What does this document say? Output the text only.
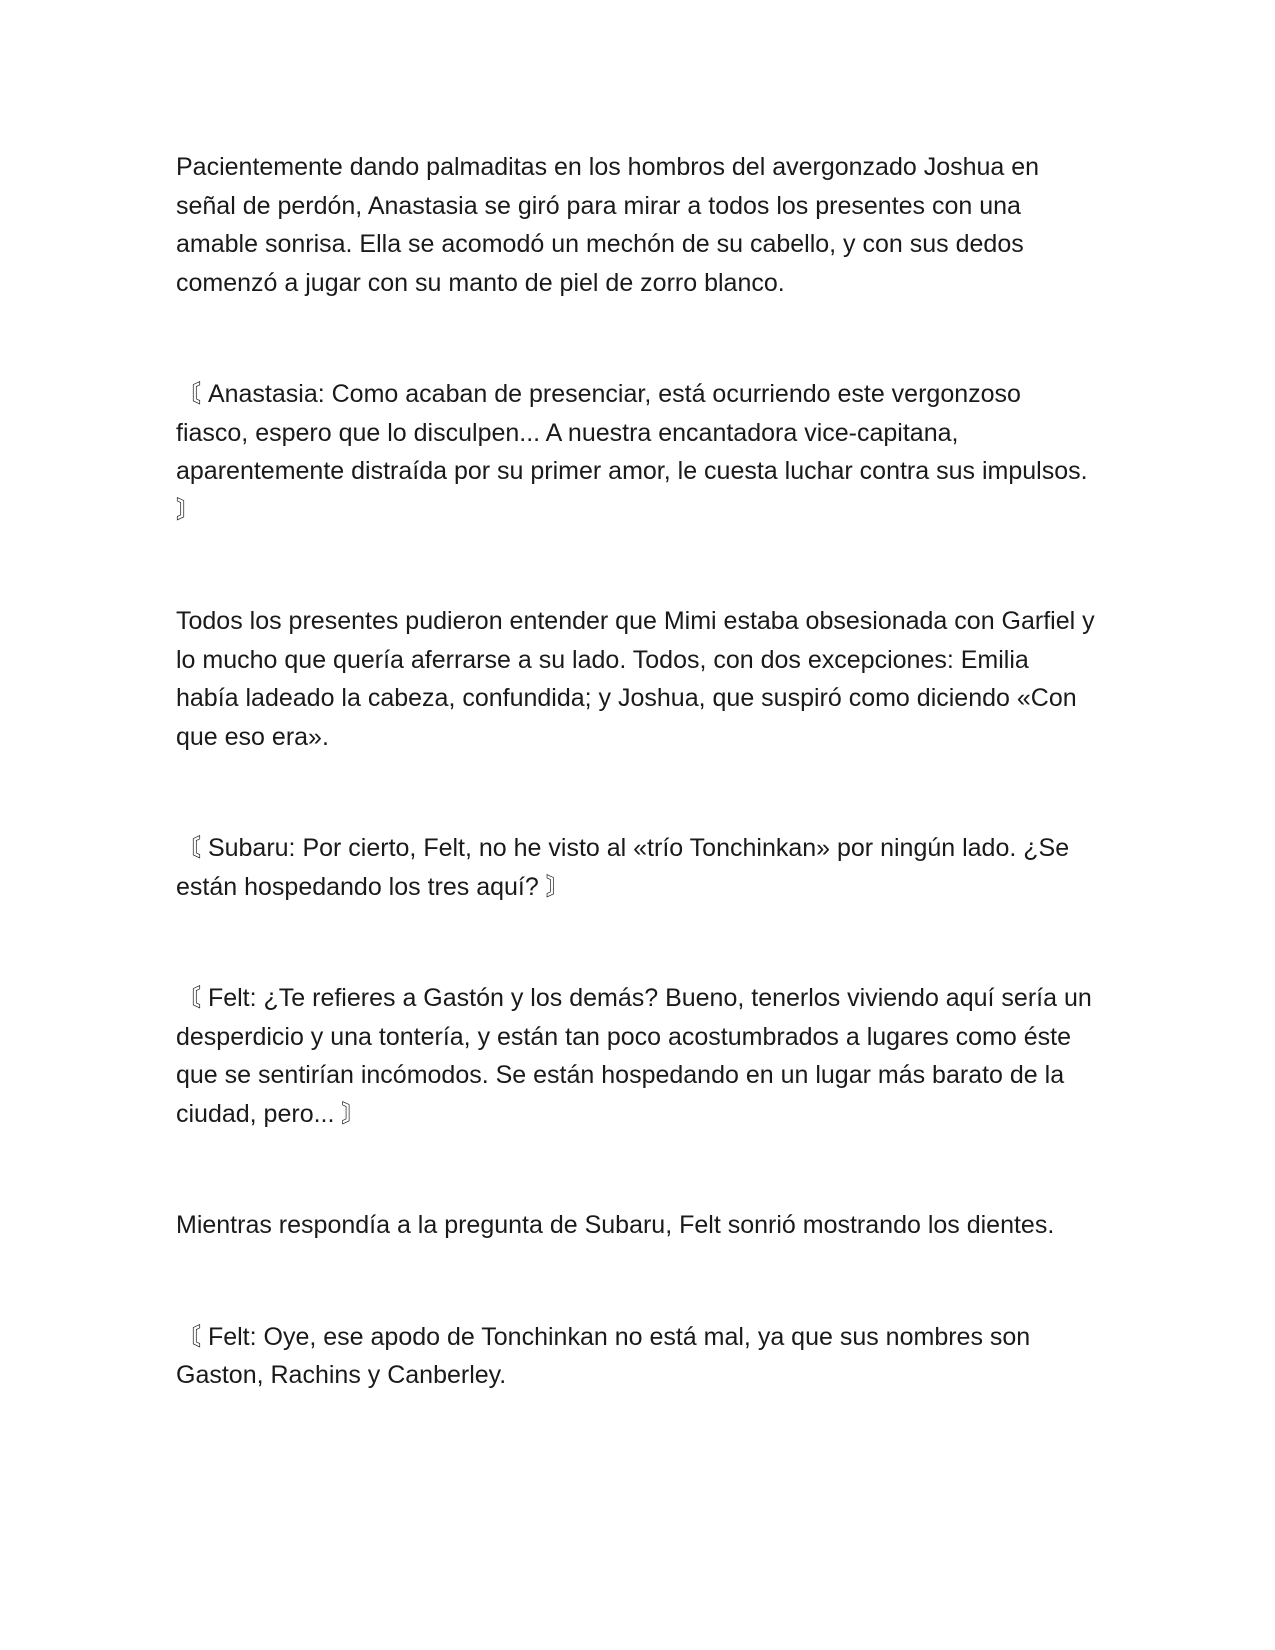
Pacientemente dando palmaditas en los hombros del avergonzado Joshua en señal de perdón, Anastasia se giró para mirar a todos los presentes con una amable sonrisa. Ella se acomodó un mechón de su cabello, y con sus dedos comenzó a jugar con su manto de piel de zorro blanco.

〘 Anastasia: Como acaban de presenciar, está ocurriendo este vergonzoso fiasco, espero que lo disculpen... A nuestra encantadora vice-capitana, aparentemente distraída por su primer amor, le cuesta luchar contra sus impulsos. 〙

Todos los presentes pudieron entender que Mimi estaba obsesionada con Garfiel y lo mucho que quería aferrarse a su lado. Todos, con dos excepciones: Emilia había ladeado la cabeza, confundida; y Joshua, que suspiró como diciendo «Con que eso era».

〘 Subaru: Por cierto, Felt, no he visto al «trío Tonchinkan» por ningún lado. ¿Se están hospedando los tres aquí? 〙

〘 Felt: ¿Te refieres a Gastón y los demás? Bueno, tenerlos viviendo aquí sería un desperdicio y una tontería, y están tan poco acostumbrados a lugares como éste que se sentirían incómodos. Se están hospedando en un lugar más barato de la ciudad, pero... 〙

Mientras respondía a la pregunta de Subaru, Felt sonrió mostrando los dientes.

〘 Felt: Oye, ese apodo de Tonchinkan no está mal, ya que sus nombres son Gaston, Rachins y Canberley.
